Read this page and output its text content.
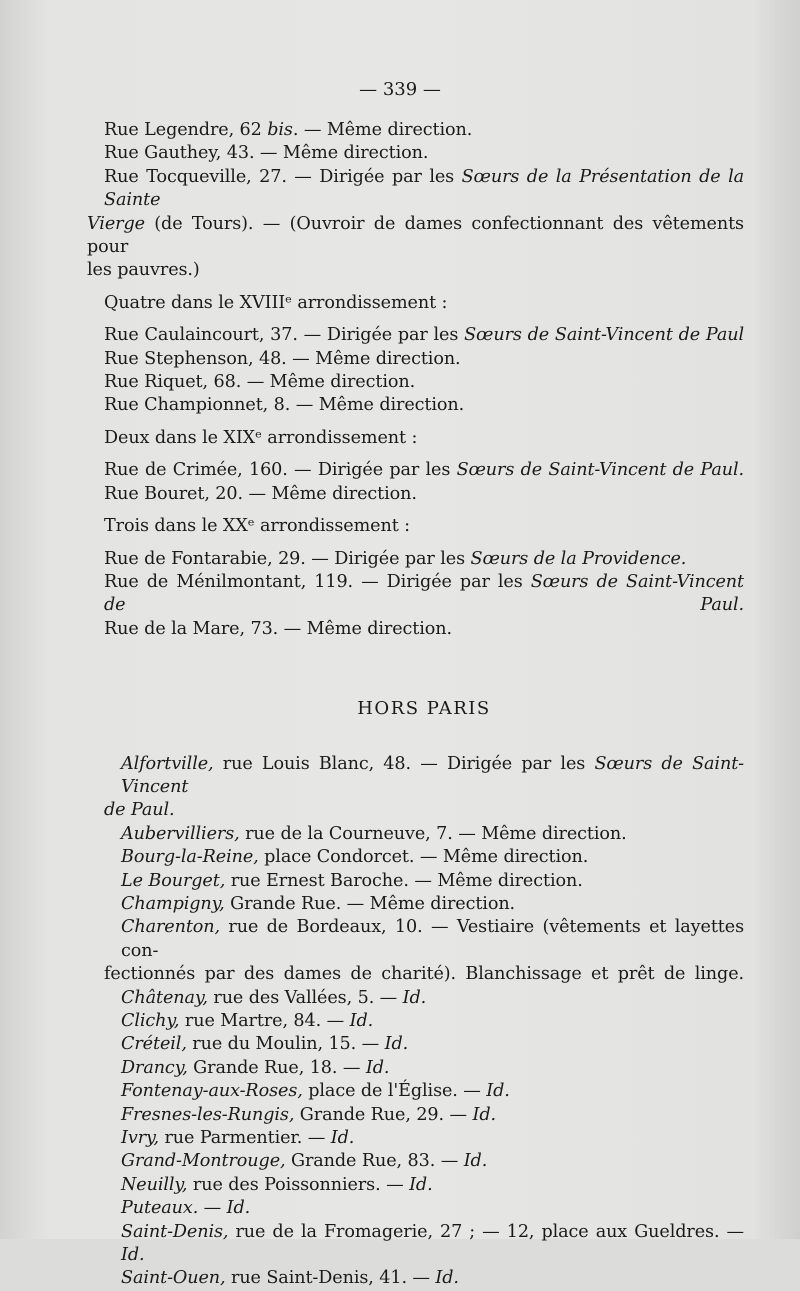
— 339 —
Rue Legendre, 62 bis. — Même direction.
Rue Gauthey, 43. — Même direction.
Rue Tocqueville, 27. — Dirigée par les Sœurs de la Présentation de la Sainte
Vierge (de Tours). — (Ouvroir de dames confectionnant des vêtements pour
les pauvres.)
Quatre dans le XVIIIᵉ arrondissement :
Rue Caulaincourt, 37. — Dirigée par les Sœurs de Saint-Vincent de Paul
Rue Stephenson, 48. — Même direction.
Rue Riquet, 68. — Même direction.
Rue Championnet, 8. — Même direction.
Deux dans le XIXᵉ arrondissement :
Rue de Crimée, 160. — Dirigée par les Sœurs de Saint-Vincent de Paul.
Rue Bouret, 20. — Même direction.
Trois dans le XXᵉ arrondissement :
Rue de Fontarabie, 29. — Dirigée par les Sœurs de la Providence.
Rue de Ménilmontant, 119. — Dirigée par les Sœurs de Saint-Vincent de Paul.
Rue de la Mare, 73. — Même direction.
HORS PARIS
Alfortville, rue Louis Blanc, 48. — Dirigée par les Sœurs de Saint-Vincent
de Paul.
Aubervilliers, rue de la Courneuve, 7. — Même direction.
Bourg-la-Reine, place Condorcet. — Même direction.
Le Bourget, rue Ernest Baroche. — Même direction.
Champigny, Grande Rue. — Même direction.
Charenton, rue de Bordeaux, 10. — Vestiaire (vêtements et layettes con-
fectionnés par des dames de charité). Blanchissage et prêt de linge.
Châtenay, rue des Vallées, 5. — Id.
Clichy, rue Martre, 84. — Id.
Créteil, rue du Moulin, 15. — Id.
Drancy, Grande Rue, 18. — Id.
Fontenay-aux-Roses, place de l'Église. — Id.
Fresnes-les-Rungis, Grande Rue, 29. — Id.
Ivry, rue Parmentier. — Id.
Grand-Montrouge, Grande Rue, 83. — Id.
Neuilly, rue des Poissonniers. — Id.
Puteaux. — Id.
Saint-Denis, rue de la Fromagerie, 27 ; — 12, place aux Gueldres. — Id.
Saint-Ouen, rue Saint-Denis, 41. — Id.
